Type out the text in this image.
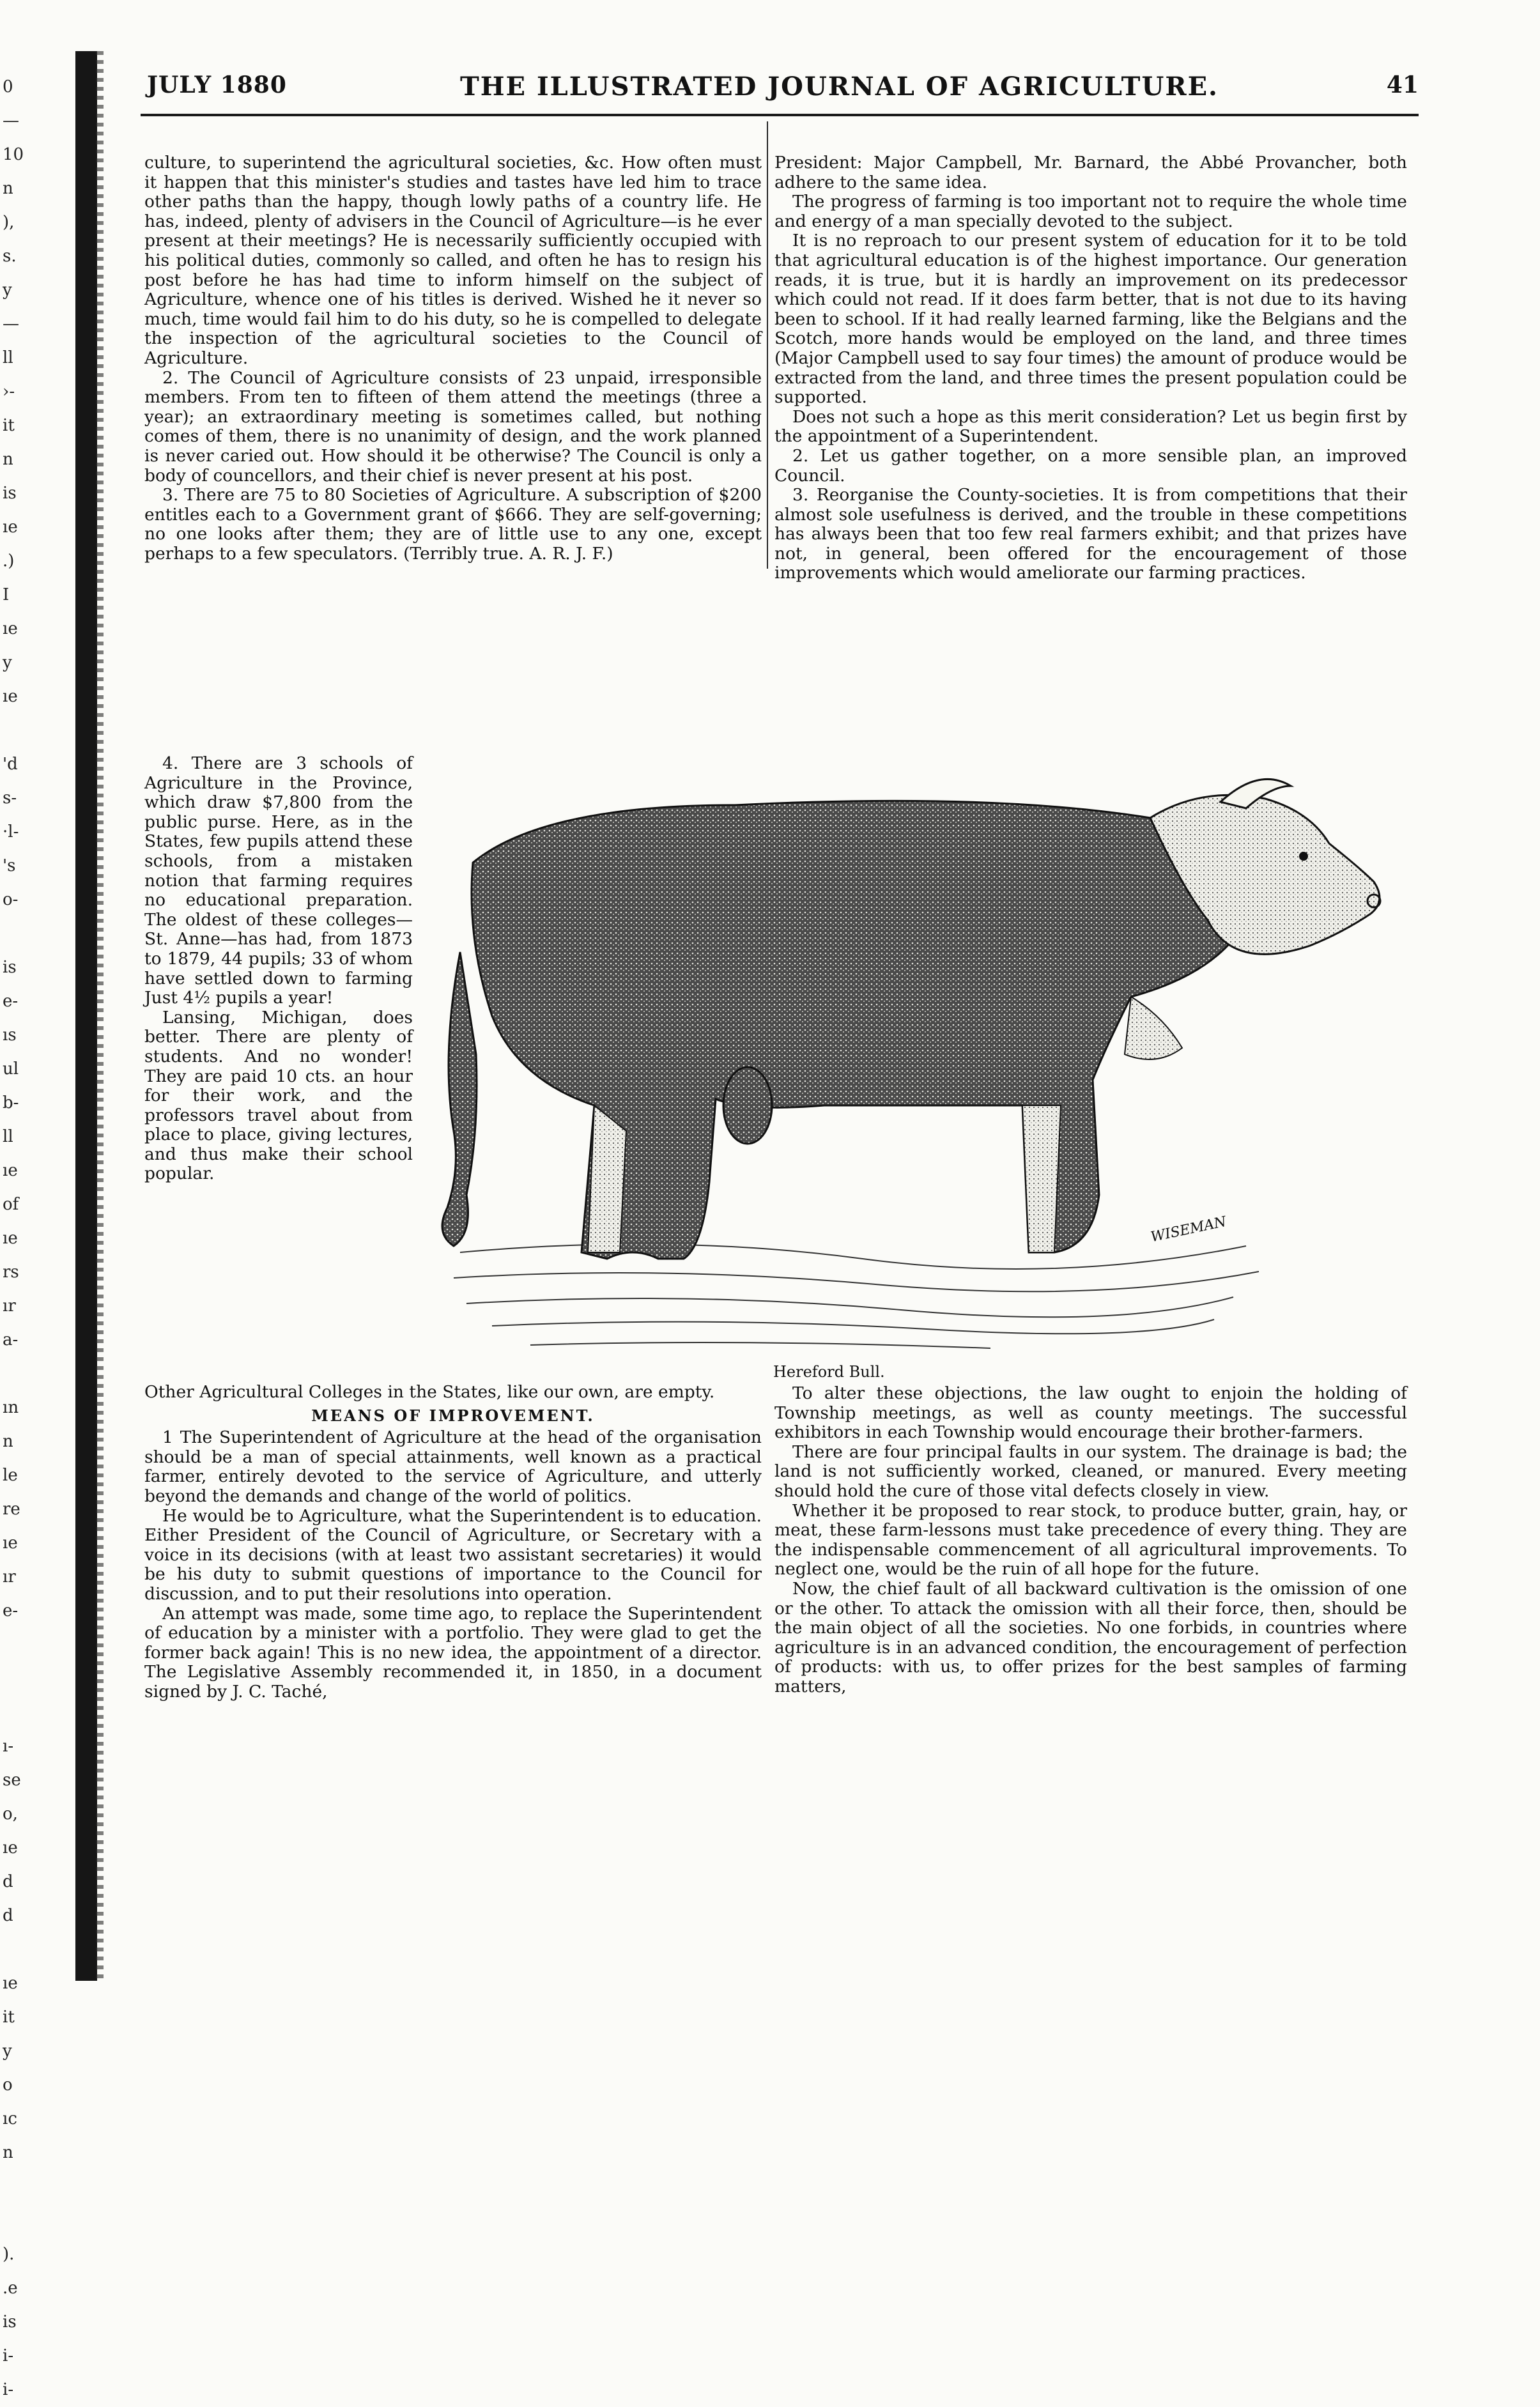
0
—
10
n
),
s.
y
—
ll
›-
it
n
is
ıe
.)
I
ıe
y
ıe
'd
s-
·l-
's
o-
is
e-
ıs
ul
b-
ll
ıe
of
ıe
rs
ır
a-
ın
n
le
re
ıe
ır
e-
ı-
se
o,
ıe
d
d
ıe
it
y
o
ıc
n
).
.e
is
i-
i-
JULY 1880	THE ILLUSTRATED JOURNAL OF AGRICULTURE.	41

culture, to superintend the agricultural societies, &c. How often must it happen that this minister's studies and tastes have led him to trace other paths than the happy, though lowly paths of a country life. He has, indeed, plenty of advisers in the Council of Agriculture—is he ever present at their meetings? He is necessarily sufficiently occupied with his political duties, commonly so called, and often he has to resign his post before he has had time to inform himself on the subject of Agriculture, whence one of his titles is derived. Wished he it never so much, time would fail him to do his duty, so he is compelled to delegate the inspection of the agricultural societies to the Council of Agriculture.

2. The Council of Agriculture consists of 23 unpaid, irresponsible members. From ten to fifteen of them attend the meetings (three a year); an extraordinary meeting is sometimes called, but nothing comes of them, there is no unanimity of design, and the work planned is never caried out. How should it be otherwise? The Council is only a body of councellors, and their chief is never present at his post.

3. There are 75 to 80 Societies of Agriculture. A subscription of $200 entitles each to a Government grant of $666. They are self-governing; no one looks after them; they are of little use to any one, except perhaps to a few speculators. (Terribly true. A. R. J. F.)

4. There are 3 schools of Agriculture in the Province, which draw $7,800 from the public purse. Here, as in the States, few pupils attend these schools, from a mistaken notion that farming requires no educational preparation. The oldest of these colleges—St. Anne—has had, from 1873 to 1879, 44 pupils; 33 of whom have settled down to farming Just 4½ pupils a year!

Lansing, Michigan, does better. There are plenty of students. And no wonder! They are paid 10 cts. an hour for their work, and the professors travel about from place to place, giving lectures, and thus make their school popular.

Other Agricultural Colleges in the States, like our own, are empty.

MEANS OF IMPROVEMENT.

1 The Superintendent of Agriculture at the head of the organisation should be a man of special attainments, well known as a practical farmer, entirely devoted to the service of Agriculture, and utterly beyond the demands and change of the world of politics.

He would be to Agriculture, what the Superintendent is to education. Either President of the Council of Agriculture, or Secretary with a voice in its decisions (with at least two assistant secretaries) it would be his duty to submit questions of importance to the Council for discussion, and to put their resolutions into operation.

An attempt was made, some time ago, to replace the Superintendent of education by a minister with a portfolio. They were glad to get the former back again! This is no new idea, the appointment of a director. The Legislative Assembly recommended it, in 1850, in a document signed by J. C. Taché,

President: Major Campbell, Mr. Barnard, the Abbé Provancher, both adhere to the same idea.

The progress of farming is too important not to require the whole time and energy of a man specially devoted to the subject.

It is no reproach to our present system of education for it to be told that agricultural education is of the highest importance. Our generation reads, it is true, but it is hardly an improvement on its predecessor which could not read. If it does farm better, that is not due to its having been to school. If it had really learned farming, like the Belgians and the Scotch, more hands would be employed on the land, and three times (Major Campbell used to say four times) the amount of produce would be extracted from the land, and three times the present population could be supported.

Does not such a hope as this merit consideration? Let us begin first by the appointment of a Superintendent.

2. Let us gather together, on a more sensible plan, an improved Council.

3. Reorganise the County-societies. It is from competitions that their almost sole usefulness is derived, and the trouble in these competitions has always been that too few real farmers exhibit; and that prizes have not, in general, been offered for the encouragement of those improvements which would ameliorate our farming practices.

WISEMAN
Hereford Bull.

To alter these objections, the law ought to enjoin the holding of Township meetings, as well as county meetings. The successful exhibitors in each Township would encourage their brother-farmers.

There are four principal faults in our system. The drainage is bad; the land is not sufficiently worked, cleaned, or manured. Every meeting should hold the cure of those vital defects closely in view.

Whether it be proposed to rear stock, to produce butter, grain, hay, or meat, these farm-lessons must take precedence of every thing. They are the indispensable commencement of all agricultural improvements. To neglect one, would be the ruin of all hope for the future.

Now, the chief fault of all backward cultivation is the omission of one or the other. To attack the omission with all their force, then, should be the main object of all the societies. No one forbids, in countries where agriculture is in an advanced condition, the encouragement of perfection of products: with us, to offer prizes for the best samples of farming matters,
